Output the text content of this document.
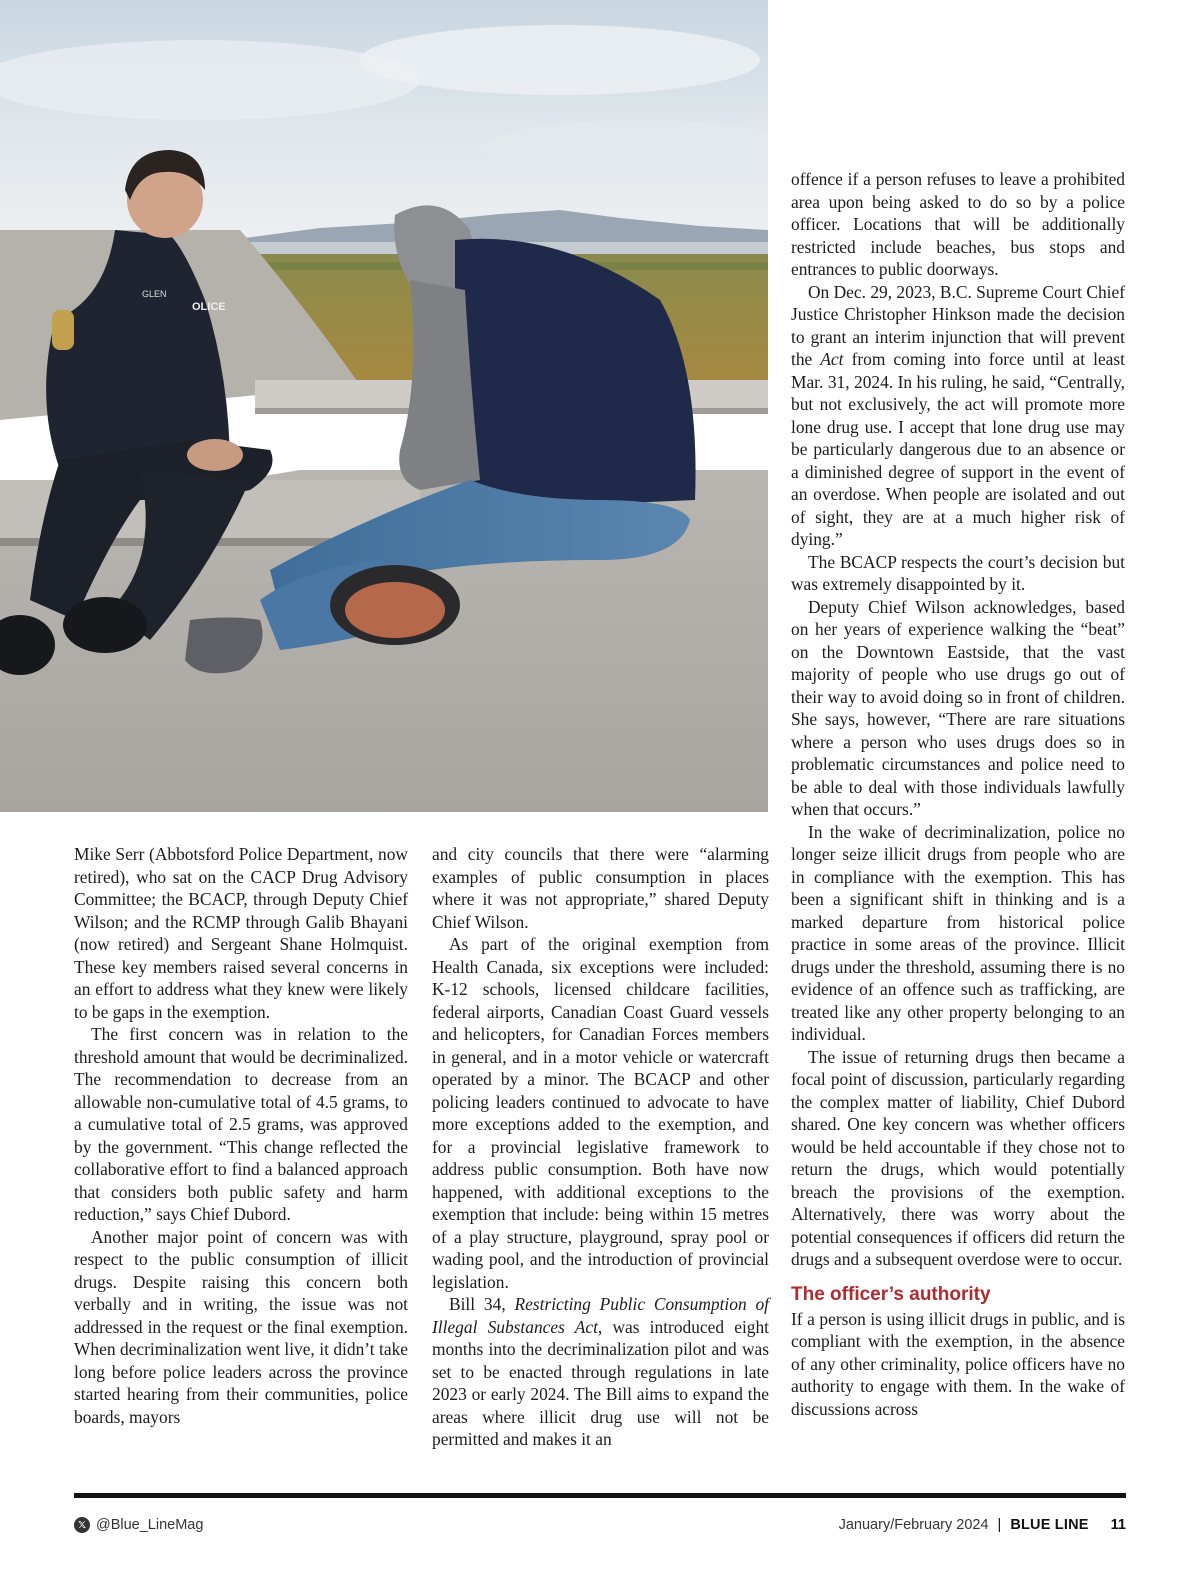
GLEN
OLICE

Mike Serr (Abbotsford Police Department, now retired), who sat on the CACP Drug Advisory Committee; the BCACP, through Deputy Chief Wilson; and the RCMP through Galib Bhayani (now retired) and Sergeant Shane Holmquist. These key members raised several concerns in an effort to address what they knew were likely to be gaps in the exemption.

The first concern was in relation to the threshold amount that would be decriminalized. The recommendation to decrease from an allowable non-cumulative total of 4.5 grams, to a cumulative total of 2.5 grams, was approved by the government. “This change reflected the collaborative effort to find a balanced approach that considers both public safety and harm reduction,” says Chief Dubord.

Another major point of concern was with respect to the public consumption of illicit drugs. Despite raising this concern both verbally and in writing, the issue was not addressed in the request or the final exemption. When decriminalization went live, it didn’t take long before police leaders across the province started hearing from their communities, police boards, mayors

and city councils that there were “alarming examples of public consumption in places where it was not appropriate,” shared Deputy Chief Wilson.

As part of the original exemption from Health Canada, six exceptions were included: K-12 schools, licensed childcare facilities, federal airports, Canadian Coast Guard vessels and helicopters, for Canadian Forces members in general, and in a motor vehicle or watercraft operated by a minor. The BCACP and other policing leaders continued to advocate to have more exceptions added to the exemption, and for a provincial legislative framework to address public consumption. Both have now happened, with additional exceptions to the exemption that include: being within 15 metres of a play structure, playground, spray pool or wading pool, and the introduction of provincial legislation.

Bill 34, Restricting Public Consumption of Illegal Substances Act, was introduced eight months into the decriminalization pilot and was set to be enacted through regulations in late 2023 or early 2024. The Bill aims to expand the areas where illicit drug use will not be permitted and makes it an

offence if a person refuses to leave a prohibited area upon being asked to do so by a police officer. Locations that will be additionally restricted include beaches, bus stops and entrances to public doorways.

On Dec. 29, 2023, B.C. Supreme Court Chief Justice Christopher Hinkson made the decision to grant an interim injunction that will prevent the Act from coming into force until at least Mar. 31, 2024. In his ruling, he said, “Centrally, but not exclusively, the act will promote more lone drug use. I accept that lone drug use may be particularly dangerous due to an absence or a diminished degree of support in the event of an overdose. When people are isolated and out of sight, they are at a much higher risk of dying.”

The BCACP respects the court’s decision but was extremely disappointed by it.

Deputy Chief Wilson acknowledges, based on her years of experience walking the “beat” on the Downtown Eastside, that the vast majority of people who use drugs go out of their way to avoid doing so in front of children. She says, however, “There are rare situations where a person who uses drugs does so in problematic circumstances and police need to be able to deal with those individuals lawfully when that occurs.”

In the wake of decriminalization, police no longer seize illicit drugs from people who are in compliance with the exemption. This has been a significant shift in thinking and is a marked departure from historical police practice in some areas of the province. Illicit drugs under the threshold, assuming there is no evidence of an offence such as trafficking, are treated like any other property belonging to an individual.

The issue of returning drugs then became a focal point of discussion, particularly regarding the complex matter of liability, Chief Dubord shared. One key concern was whether officers would be held accountable if they chose not to return the drugs, which would potentially breach the provisions of the exemption. Alternatively, there was worry about the potential consequences if officers did return the drugs and a subsequent overdose were to occur.

The officer’s authority

If a person is using illicit drugs in public, and is compliant with the exemption, in the absence of any other criminality, police officers have no authority to engage with them. In the wake of discussions across

𝕏 @Blue_LineMag	January/February 2024 | BLUE LINE 11
